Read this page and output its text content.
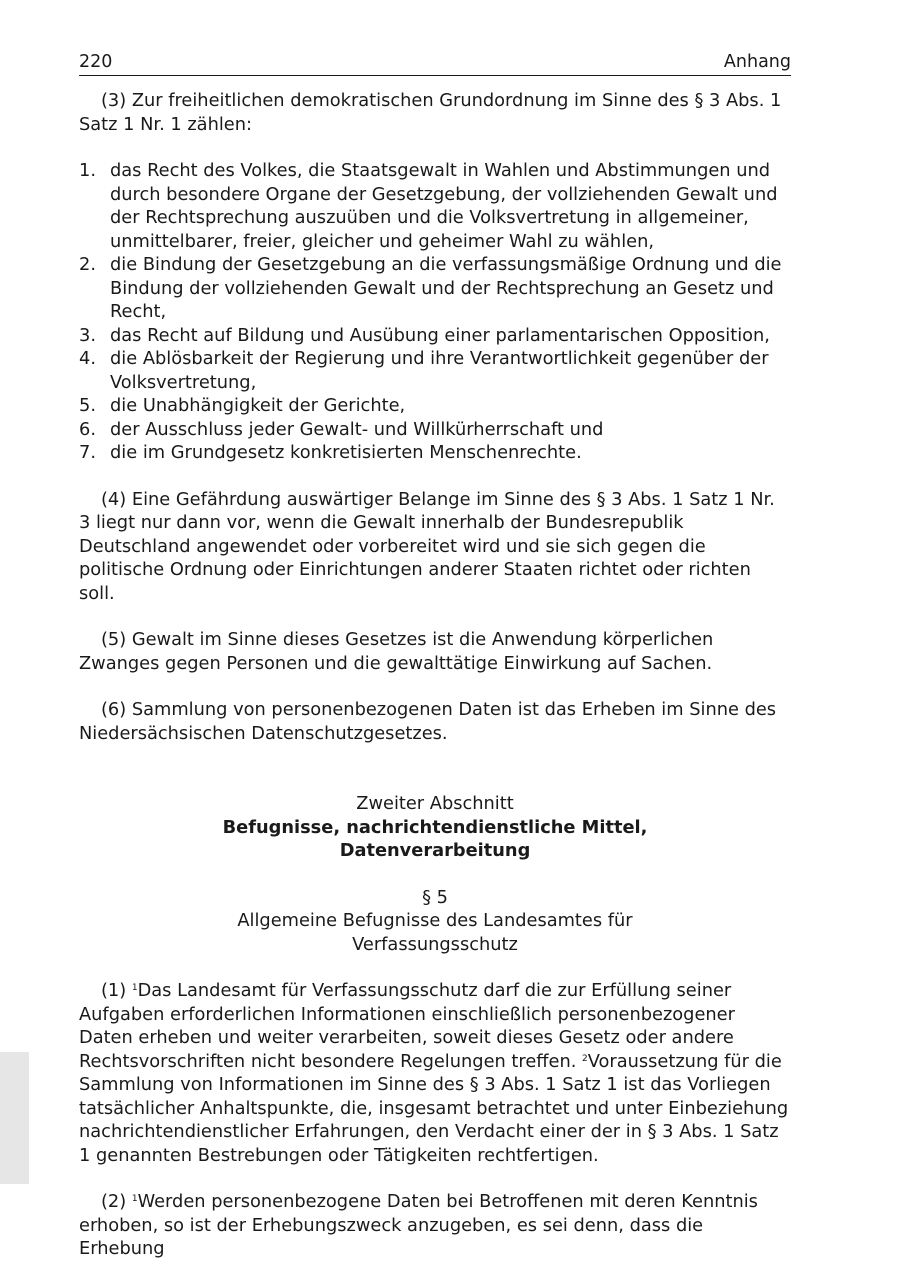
220	Anhang

(3) Zur freiheitlichen demokratischen Grundordnung im Sinne des § 3 Abs. 1 Satz 1 Nr. 1 zählen:

1. das Recht des Volkes, die Staatsgewalt in Wahlen und Abstimmungen und durch besondere Organe der Gesetzgebung, der vollziehenden Gewalt und der Rechtsprechung auszuüben und die Volksvertretung in allgemeiner, unmittelbarer, freier, gleicher und geheimer Wahl zu wählen,
2. die Bindung der Gesetzgebung an die verfassungsmäßige Ordnung und die Bindung der vollziehenden Gewalt und der Rechtsprechung an Gesetz und Recht,
3. das Recht auf Bildung und Ausübung einer parlamentarischen Opposition,
4. die Ablösbarkeit der Regierung und ihre Verantwortlichkeit gegenüber der Volksvertretung,
5. die Unabhängigkeit der Gerichte,
6. der Ausschluss jeder Gewalt- und Willkürherrschaft und
7. die im Grundgesetz konkretisierten Menschenrechte.

(4) Eine Gefährdung auswärtiger Belange im Sinne des § 3 Abs. 1 Satz 1 Nr. 3 liegt nur dann vor, wenn die Gewalt innerhalb der Bundesrepublik Deutschland angewendet oder vorbereitet wird und sie sich gegen die politische Ordnung oder Einrichtungen anderer Staaten richtet oder richten soll.

(5) Gewalt im Sinne dieses Gesetzes ist die Anwendung körperlichen Zwanges gegen Personen und die gewalttätige Einwirkung auf Sachen.

(6) Sammlung von personenbezogenen Daten ist das Erheben im Sinne des Niedersächsischen Datenschutzgesetzes.

Zweiter Abschnitt
Befugnisse, nachrichtendienstliche Mittel,
Datenverarbeitung
§ 5
Allgemeine Befugnisse des Landesamtes für
Verfassungsschutz

(1) $^1$Das Landesamt für Verfassungsschutz darf die zur Erfüllung seiner Aufgaben erforderlichen Informationen einschließlich personenbezogener Daten erheben und weiter verarbeiten, soweit dieses Gesetz oder andere Rechtsvorschriften nicht besondere Regelungen treffen. $^2$Voraussetzung für die Sammlung von Informationen im Sinne des § 3 Abs. 1 Satz 1 ist das Vorliegen tatsächlicher Anhaltspunkte, die, insgesamt betrachtet und unter Einbeziehung nachrichtendienstlicher Erfahrungen, den Verdacht einer der in § 3 Abs. 1 Satz 1 genannten Bestrebungen oder Tätigkeiten rechtfertigen.

(2) $^1$Werden personenbezogene Daten bei Betroffenen mit deren Kenntnis erhoben, so ist der Erhebungszweck anzugeben, es sei denn, dass die Erhebung
